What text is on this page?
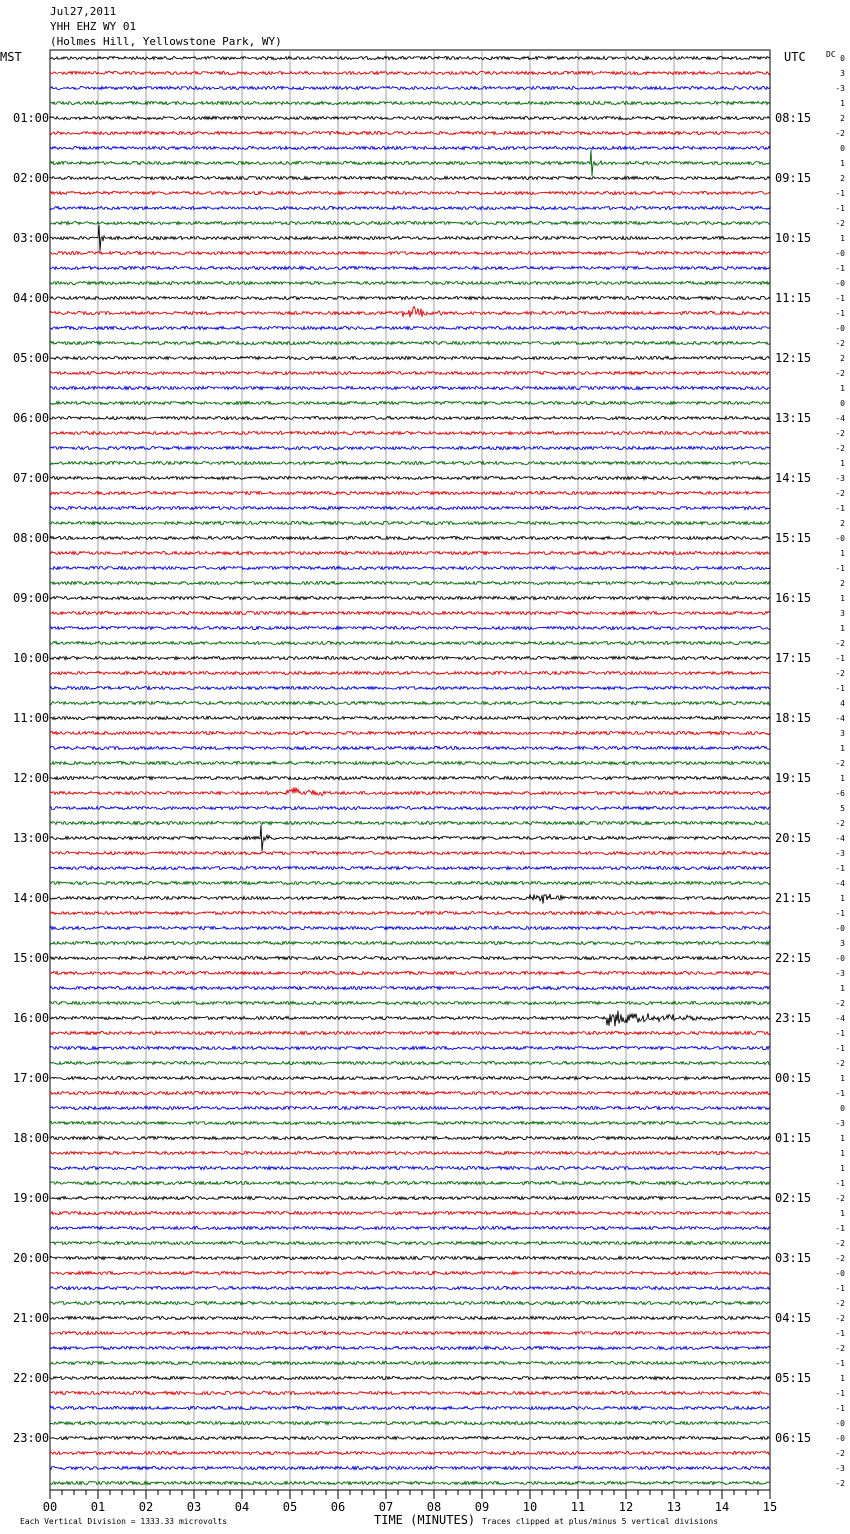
Jul27,2011
YHH EHZ WY 01
(Holmes Hill, Yellowstone Park, WY)
MST	UTC	DC
01:00
02:00
03:00
04:00
05:00
06:00
07:00
08:00
09:00
10:00
11:00
12:00
13:00
14:00
15:00
16:00
17:00
18:00
19:00
20:00
21:00
22:00
23:00
08:15
09:15
10:15
11:15
12:15
13:15
14:15
15:15
16:15
17:15
18:15
19:15
20:15
21:15
22:15
23:15
00:15
01:15
02:15
03:15
04:15
05:15
06:15
0
3
-3
1
2
-2
0
1
2
-1
-1
-2
1
-0
-1
-0
-1
-1
-0
-2
2
-2
1
0
-4
-2
-2
1
-3
-2
-1
2
-0
1
-1
2
1
3
1
-2
-1
-2
-1
4
-4
3
1
-2
1
-6
5
-2
-4
-3
-1
-4
1
-1
-0
3
-0
-3
1
-2
-4
-1
-1
-2
1
-1
0
-3
1
1
1
-1
-2
1
-1
-2
-2
-0
-1
-2
-2
-1
-2
-1
1
-1
-1
-0
-0
-2
-3
-2
00	01	02	03	04	05	06	07	08	09	10	11	12	13	14	15
Each Vertical Division = 1333.33 microvolts	TIME (MINUTES) Traces clipped at plus/minus 5 vertical divisions
